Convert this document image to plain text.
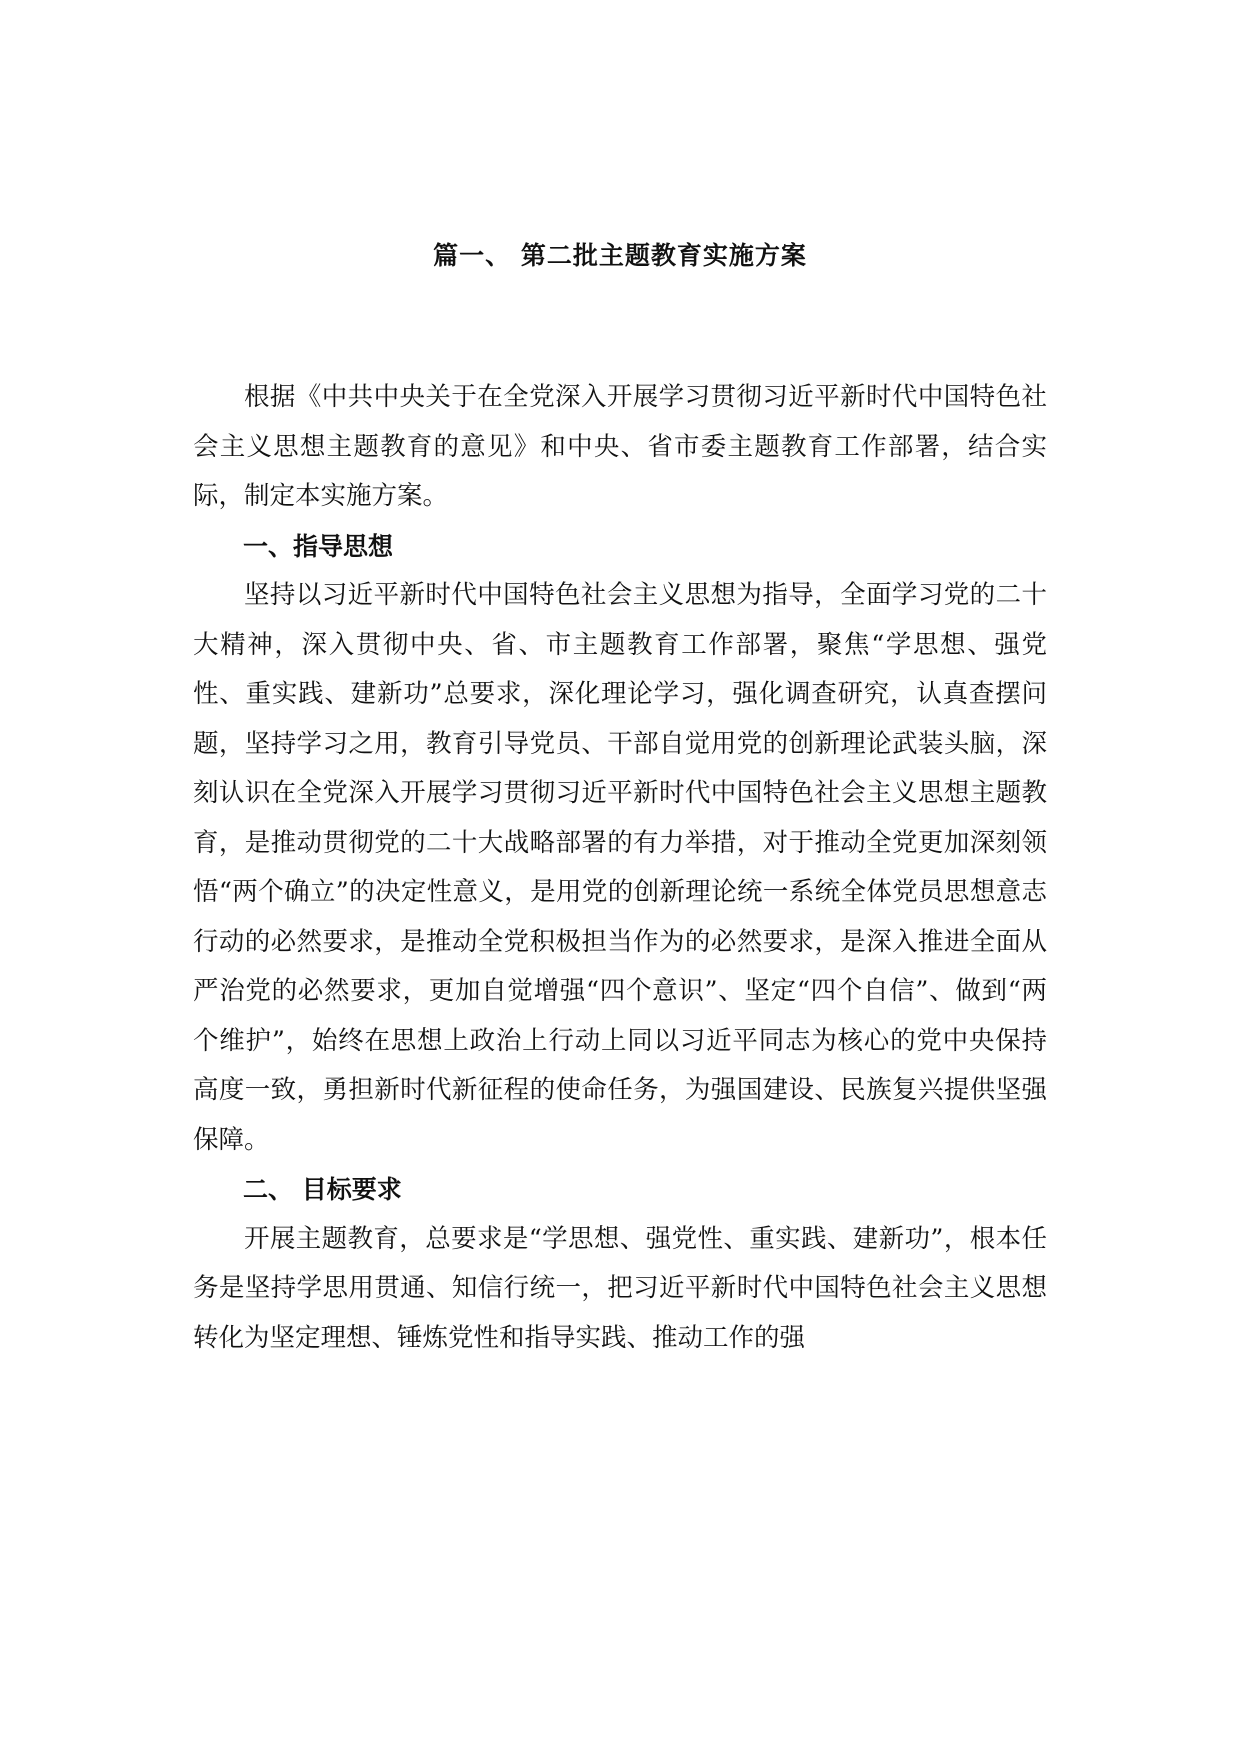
篇一、 第二批主题教育实施方案

根据《中共中央关于在全党深入开展学习贯彻习近平新时代中国特色社会主义思想主题教育的意见》和中央、省市委主题教育工作部署，结合实际，制定本实施方案。

一、指导思想

坚持以习近平新时代中国特色社会主义思想为指导，全面学习党的二十大精神，深入贯彻中央、省、市主题教育工作部署，聚焦“学思想、强党性、重实践、建新功”总要求，深化理论学习，强化调查研究，认真查摆问题，坚持学习之用，教育引导党员、干部自觉用党的创新理论武装头脑，深刻认识在全党深入开展学习贯彻习近平新时代中国特色社会主义思想主题教育，是推动贯彻党的二十大战略部署的有力举措，对于推动全党更加深刻领悟“两个确立”的决定性意义，是用党的创新理论统一系统全体党员思想意志行动的必然要求，是推动全党积极担当作为的必然要求，是深入推进全面从严治党的必然要求，更加自觉增强“四个意识”、坚定“四个自信”、做到“两个维护”，始终在思想上政治上行动上同以习近平同志为核心的党中央保持高度一致，勇担新时代新征程的使命任务，为强国建设、民族复兴提供坚强保障。

二、 目标要求

开展主题教育，总要求是“学思想、强党性、重实践、建新功”，根本任务是坚持学思用贯通、知信行统一，把习近平新时代中国特色社会主义思想转化为坚定理想、锤炼党性和指导实践、推动工作的强
